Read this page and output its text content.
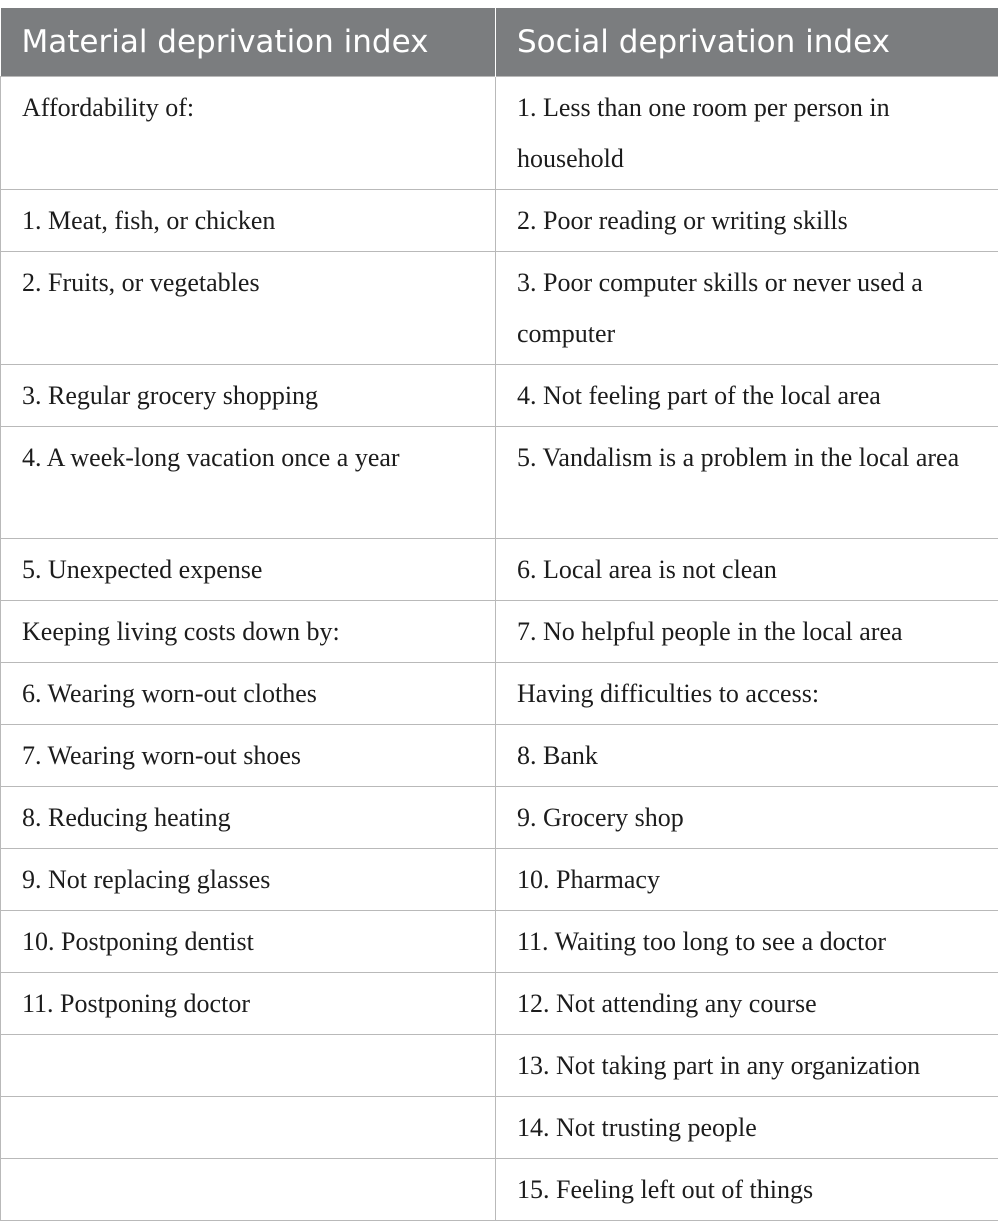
Material deprivation index	Social deprivation index
Affordability of:	1. Less than one room per person in household
1. Meat, fish, or chicken	2. Poor reading or writing skills
2. Fruits, or vegetables	3. Poor computer skills or never used a computer
3. Regular grocery shopping	4. Not feeling part of the local area
4. A week-long vacation once a year	5. Vandalism is a problem in the local area
5. Unexpected expense	6. Local area is not clean
Keeping living costs down by:	7. No helpful people in the local area
6. Wearing worn-out clothes	Having difficulties to access:
7. Wearing worn-out shoes	8. Bank
8. Reducing heating	9. Grocery shop
9. Not replacing glasses	10. Pharmacy
10. Postponing dentist	11. Waiting too long to see a doctor
11. Postponing doctor	12. Not attending any course
	13. Not taking part in any organization
	14. Not trusting people
	15. Feeling left out of things
